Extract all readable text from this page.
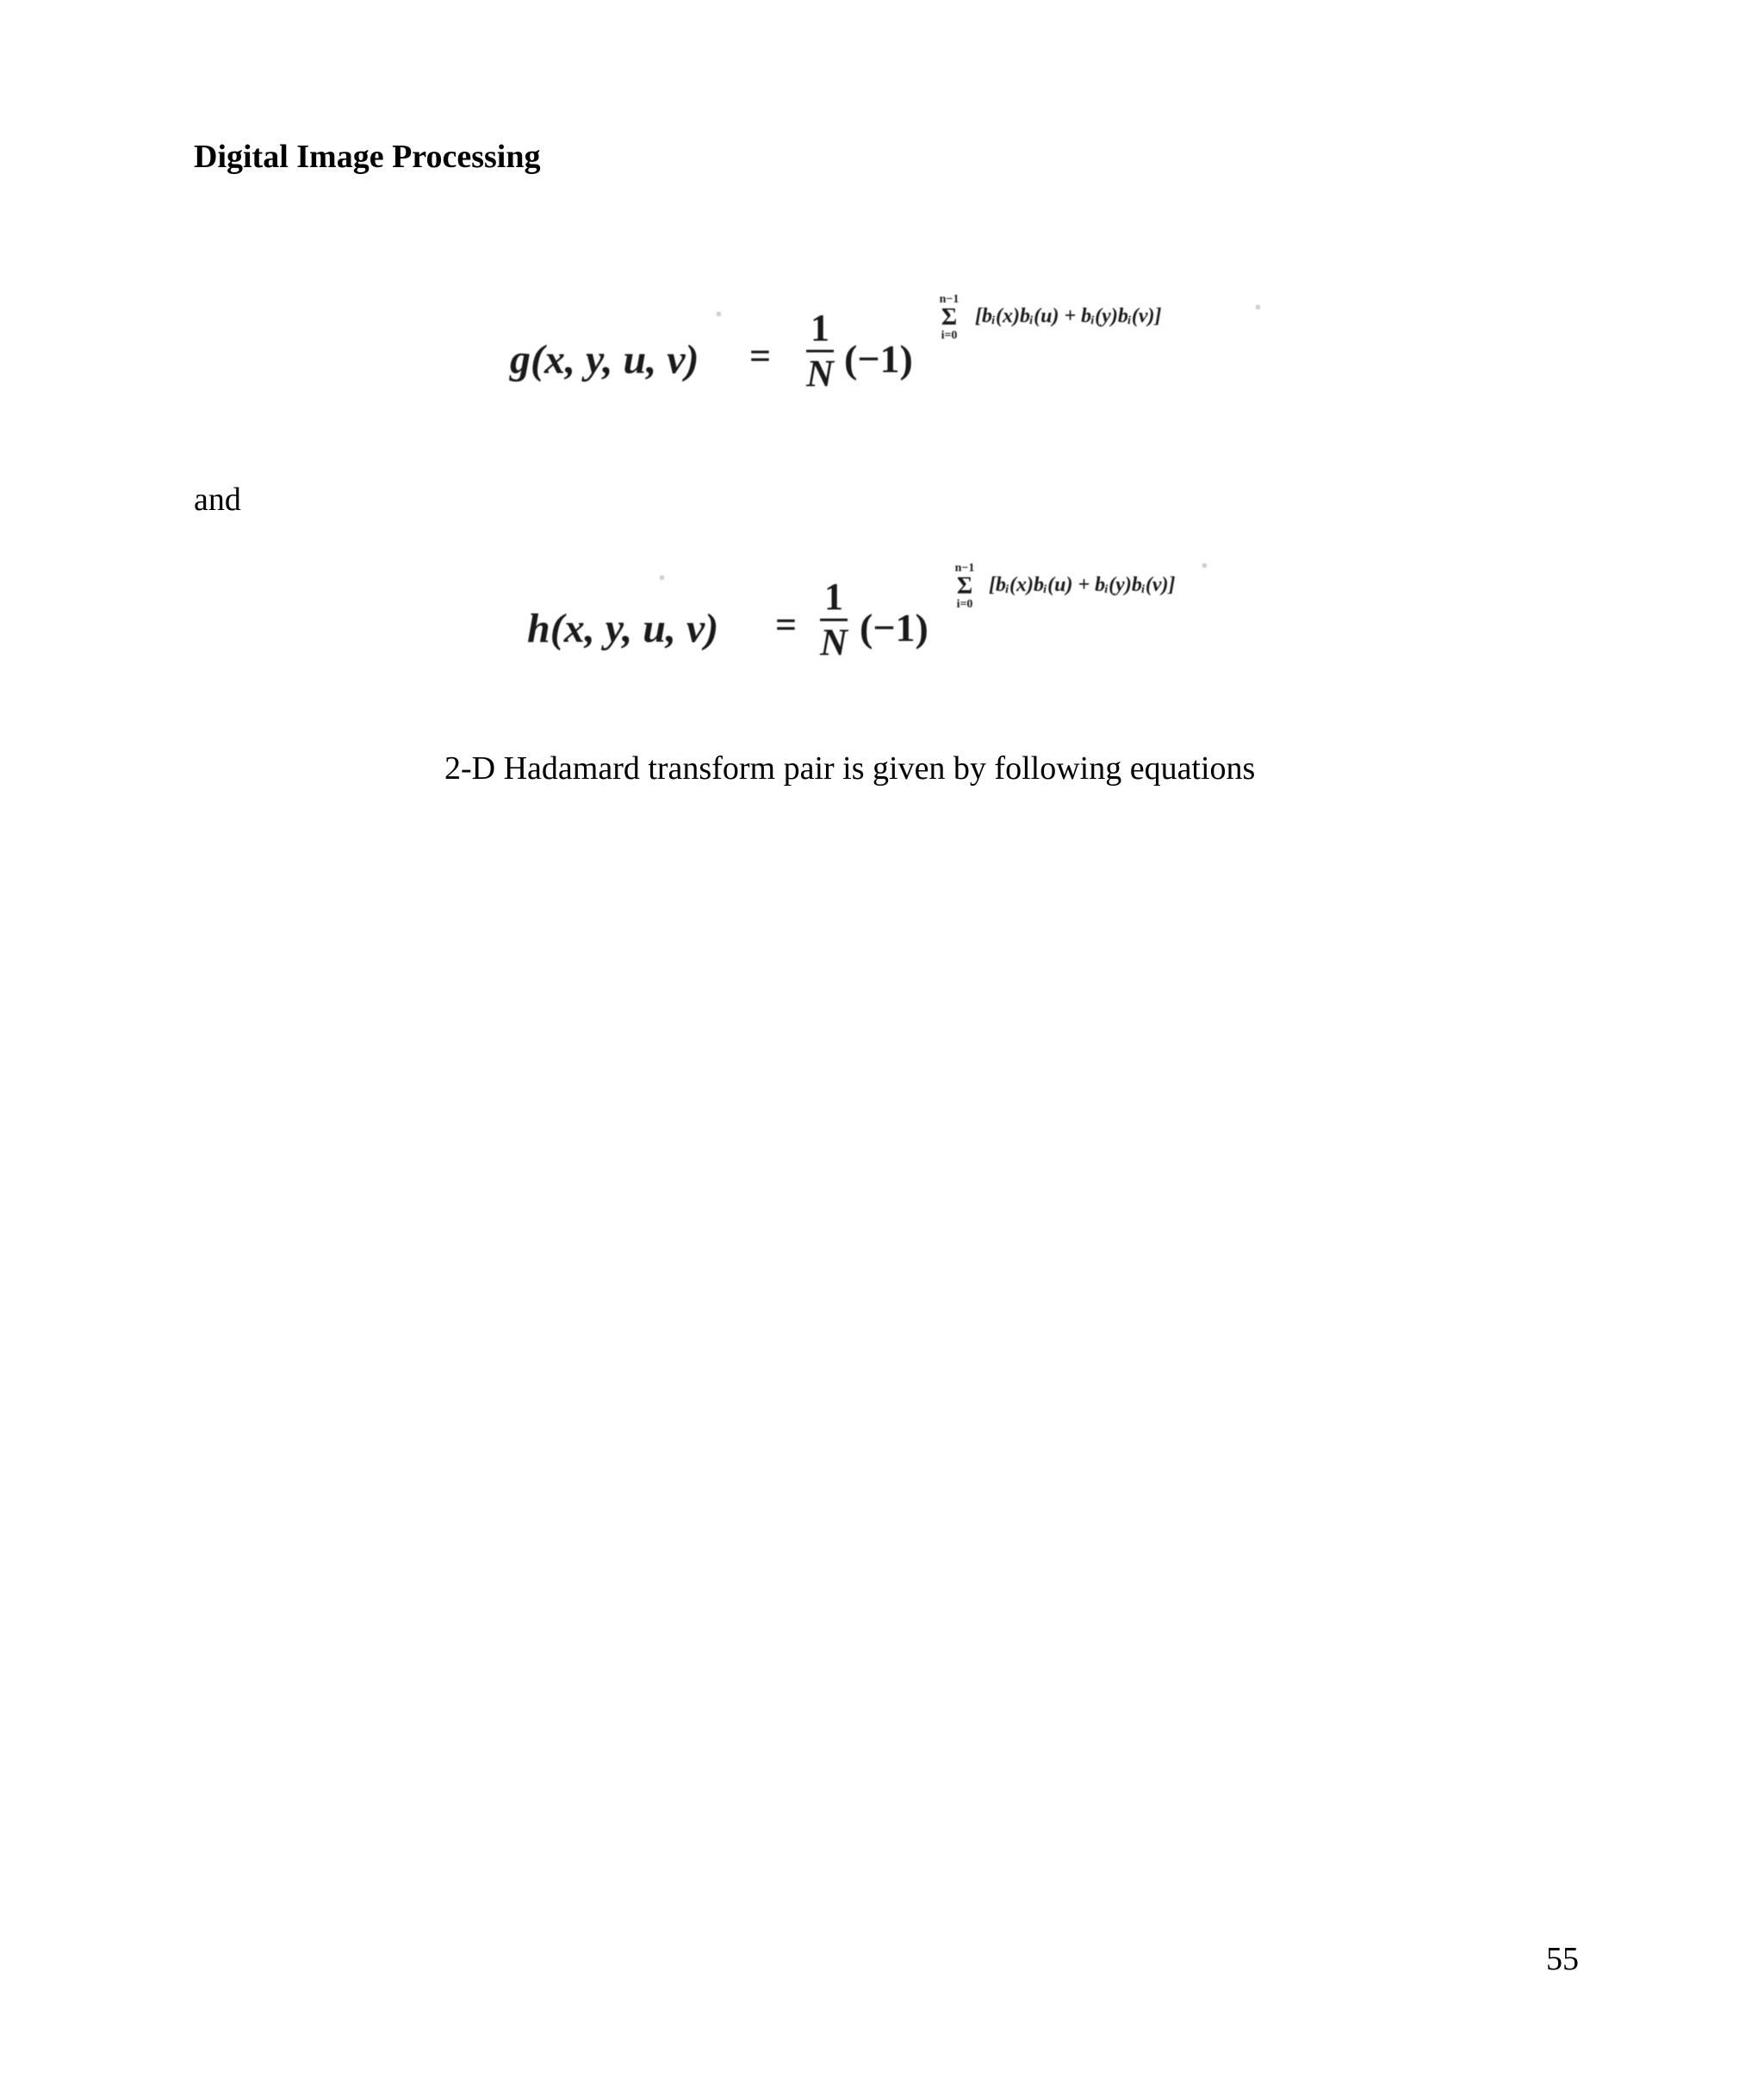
Digital Image Processing
g(x, y, u, v) =
1
N (−1)
n−1
Σ
i=0
[bᵢ(x)bᵢ(u) + bᵢ(y)bᵢ(v)]
and
h(x, y, u, v) =
1
N (−1)
n−1
Σ
i=0
[bᵢ(x)bᵢ(u) + bᵢ(y)bᵢ(v)]
2-D Hadamard transform pair is given by following equations
55
